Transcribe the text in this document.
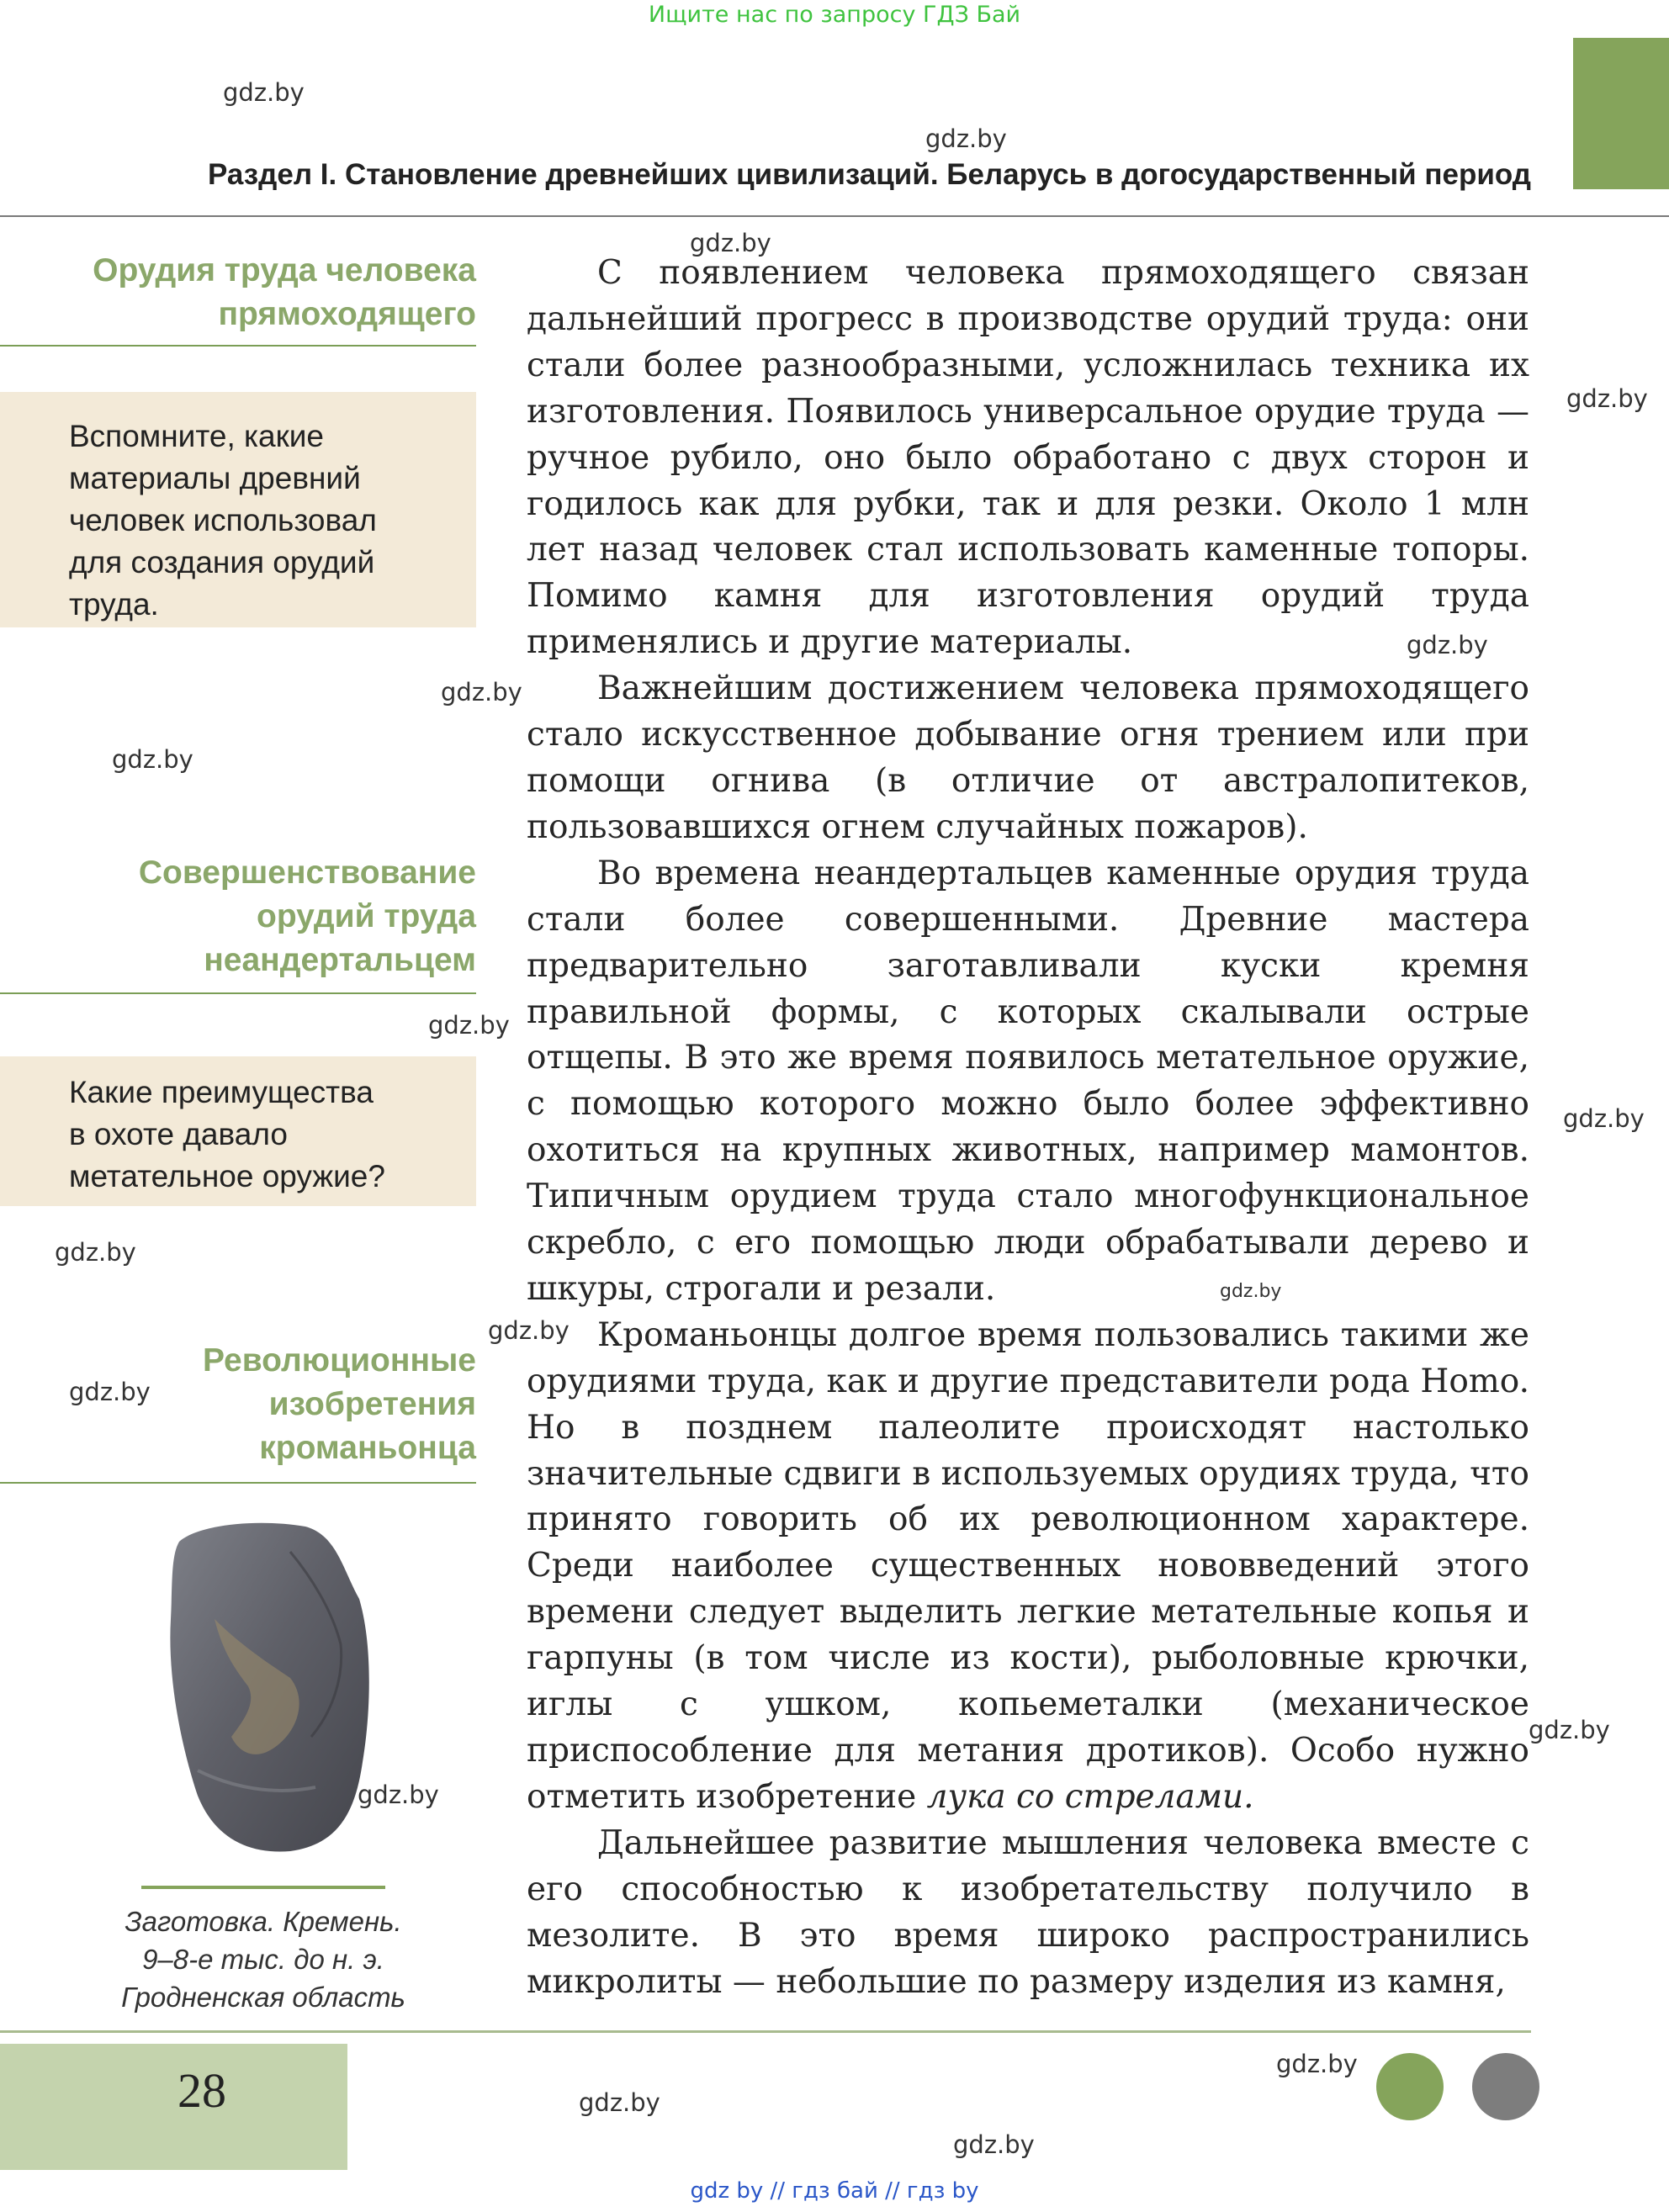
Ищите нас по запросу ГДЗ Бай
gdz.by
gdz.by
gdz.by
gdz.by
gdz.by
gdz.by
gdz.by
gdz.by
gdz.by
gdz.by
gdz.by
gdz.by
gdz.by
gdz.by
gdz.by
gdz.by
gdz.by
gdz.by
Раздел I. Становление древнейших цивилизаций. Беларусь в догосударственный период
Орудия труда человека
прямоходящего
Вспомните, какие
материалы древний
человек использовал
для создания орудий
труда.
Совершенствование
орудий труда
неандертальцем
Какие преимущества
в охоте давало
метательное оружие?
Революционные
изобретения
кроманьонца
Заготовка. Кремень.
9–8-е тыс. до н. э.
Гродненская область

С появлением человека прямоходящего связан дальнейший прогресс в производстве орудий труда: они стали более разнообразными, усложнилась техника их изготовления. Появилось универсальное орудие труда — ручное рубило, оно было обработано с двух сторон и годилось как для рубки, так и для резки. Около 1 млн лет назад человек стал использовать каменные топоры. Помимо камня для изготовления орудий труда применялись и другие материалы.

Важнейшим достижением человека прямоходящего стало искусственное добывание огня трением или при помощи огнива (в отличие от австралопитеков, пользовавшихся огнем случайных пожаров).

Во времена неандертальцев каменные орудия труда стали более совершенными. Древние мастера предварительно заготавливали куски кремня правильной формы, с которых скалывали острые отщепы. В это же время появилось метательное оружие, с помощью которого можно было более эффективно охотиться на крупных животных, например мамонтов. Типичным орудием труда стало многофункциональное скребло, с его помощью люди обрабатывали дерево и шкуры, строгали и резали.

Кроманьонцы долгое время пользовались такими же орудиями труда, как и другие представители рода Homo. Но в позднем палеолите происходят настолько значительные сдвиги в используемых орудиях труда, что принято говорить об их революционном характере. Среди наиболее существенных нововведений этого времени следует выделить легкие метательные копья и гарпуны (в том числе из кости), рыболовные крючки, иглы с ушком, копьеметалки (механическое приспособление для метания дротиков). Особо нужно отметить изобретение лука со стрелами.

Дальнейшее развитие мышления человека вместе с его способностью к изобретательству получило в мезолите. В это время широко распространились микролиты — небольшие по размеру изделия из камня,

28
gdz by // гдз бай // гдз by
